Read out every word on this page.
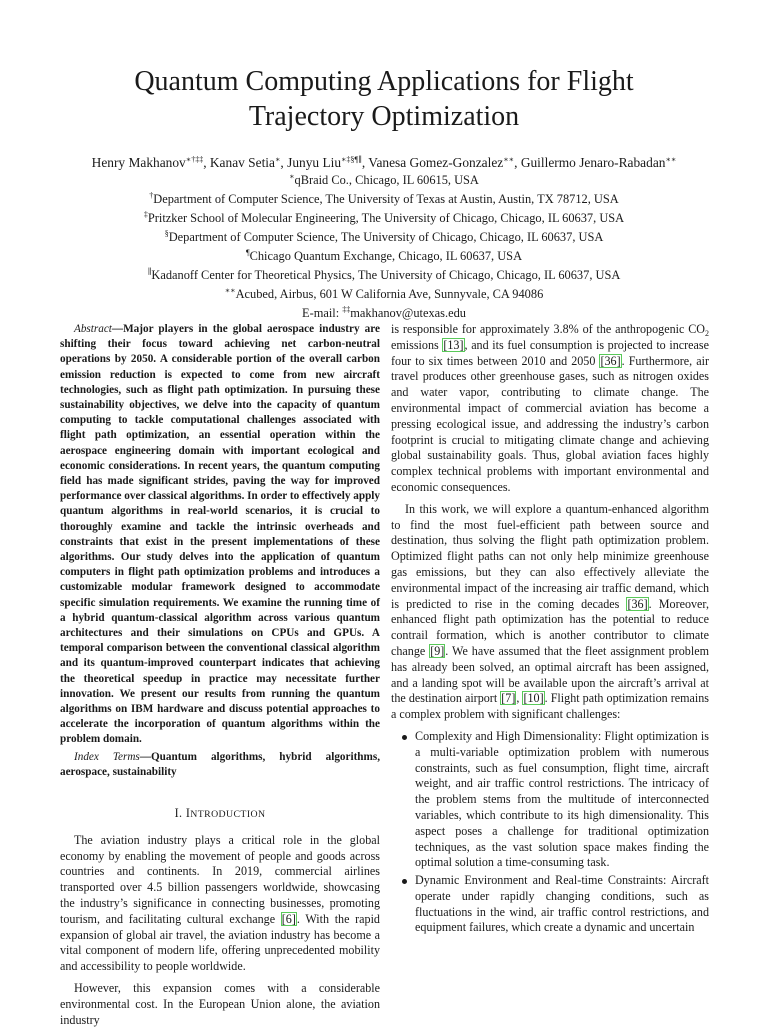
Quantum Computing Applications for Flight
Trajectory Optimization
Henry Makhanov∗†‡‡, Kanav Setia∗, Junyu Liu∗‡§¶∥, Vanesa Gomez-Gonzalez∗∗, Guillermo Jenaro-Rabadan∗∗
∗qBraid Co., Chicago, IL 60615, USA
†Department of Computer Science, The University of Texas at Austin, Austin, TX 78712, USA
‡Pritzker School of Molecular Engineering, The University of Chicago, Chicago, IL 60637, USA
§Department of Computer Science, The University of Chicago, Chicago, IL 60637, USA
¶Chicago Quantum Exchange, Chicago, IL 60637, USA
∥Kadanoff Center for Theoretical Physics, The University of Chicago, Chicago, IL 60637, USA
∗∗Acubed, Airbus, 601 W California Ave, Sunnyvale, CA 94086
E-mail: ‡‡makhanov@utexas.edu

Abstract—Major players in the global aerospace industry are shifting their focus toward achieving net carbon-neutral operations by 2050. A considerable portion of the overall carbon emission reduction is expected to come from new aircraft technologies, such as flight path optimization. In pursuing these sustainability objectives, we delve into the capacity of quantum computing to tackle computational challenges associated with flight path optimization, an essential operation within the aerospace engineering domain with important ecological and economic considerations. In recent years, the quantum computing field has made significant strides, paving the way for improved performance over classical algorithms. In order to effectively apply quantum algorithms in real-world scenarios, it is crucial to thoroughly examine and tackle the intrinsic overheads and constraints that exist in the present implementations of these algorithms. Our study delves into the application of quantum computers in flight path optimization problems and introduces a customizable modular framework designed to accommodate specific simulation requirements. We examine the running time of a hybrid quantum-classical algorithm across various quantum architectures and their simulations on CPUs and GPUs. A temporal comparison between the conventional classical algorithm and its quantum-improved counterpart indicates that achieving the theoretical speedup in practice may necessitate further innovation. We present our results from running the quantum algorithms on IBM hardware and discuss potential approaches to accelerate the incorporation of quantum algorithms within the problem domain.

Index Terms—Quantum algorithms, hybrid algorithms, aerospace, sustainability

I. INTRODUCTION

The aviation industry plays a critical role in the global economy by enabling the movement of people and goods across countries and continents. In 2019, commercial airlines transported over 4.5 billion passengers worldwide, showcasing the industry’s significance in connecting businesses, promoting tourism, and facilitating cultural exchange [6]. With the rapid expansion of global air travel, the aviation industry has become a vital component of modern life, offering unprecedented mobility and accessibility to people worldwide.

However, this expansion comes with a considerable environmental cost. In the European Union alone, the aviation industry

is responsible for approximately 3.8% of the anthropogenic $CO_2$ emissions [13], and its fuel consumption is projected to increase four to six times between 2010 and 2050 [36]. Furthermore, air travel produces other greenhouse gases, such as nitrogen oxides and water vapor, contributing to climate change. The environmental impact of commercial aviation has become a pressing ecological issue, and addressing the industry’s carbon footprint is crucial to mitigating climate change and achieving global sustainability goals. Thus, global aviation faces highly complex technical problems with important environmental and economic consequences.

In this work, we will explore a quantum-enhanced algorithm to find the most fuel-efficient path between source and destination, thus solving the flight path optimization problem. Optimized flight paths can not only help minimize greenhouse gas emissions, but they can also effectively alleviate the environmental impact of the increasing air traffic demand, which is predicted to rise in the coming decades [36]. Moreover, enhanced flight path optimization has the potential to reduce contrail formation, which is another contributor to climate change [9]. We have assumed that the fleet assignment problem has already been solved, an optimal aircraft has been assigned, and a landing spot will be available upon the aircraft’s arrival at the destination airport [7], [10]. Flight path optimization remains a complex problem with significant challenges:

Complexity and High Dimensionality: Flight optimization is a multi-variable optimization problem with numerous constraints, such as fuel consumption, flight time, aircraft weight, and air traffic control restrictions. The intricacy of the problem stems from the multitude of interconnected variables, which contribute to its high dimensionality. This aspect poses a challenge for traditional optimization techniques, as the vast solution space makes finding the optimal solution a time-consuming task.
Dynamic Environment and Real-time Constraints: Aircraft operate under rapidly changing conditions, such as fluctuations in the wind, air traffic control restrictions, and equipment failures, which create a dynamic and uncertain
